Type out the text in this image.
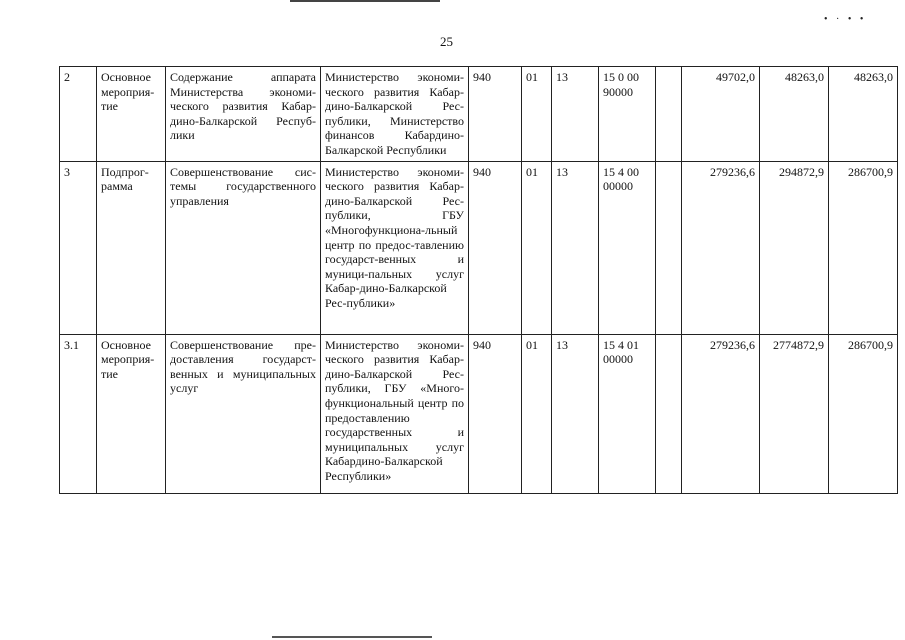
• · • •
25
2	Основное мероприя-тие	Содержание аппарата Министерства экономи-ческого развития Кабар-дино-Балкарской Респуб-лики	Министерство экономи-ческого развития Кабар-дино-Балкарской Рес-публики, Министерство финансов Кабардино-Балкарской Республики	940	01	13	15 0 00 90000		49702,0	48263,0	48263,0
3	Подпрог-рамма	Совершенствование сис-темы государственного управления	Министерство экономи-ческого развития Кабар-дино-Балкарской Рес-публики, ГБУ «Многофункциона-льный центр по предос-тавлению государст-венных и муници-пальных услуг Кабар-дино-Балкарской Рес-публики»	940	01	13	15 4 00 00000		279236,6	294872,9	286700,9
3.1	Основное мероприя-тие	Совершенствование пре-доставления государст-венных и муниципальных услуг	Министерство экономи-ческого развития Кабар-дино-Балкарской Рес-публики, ГБУ «Много-функциональный центр по предоставлению государственных и муниципальных услуг Кабардино-Балкарской Республики»	940	01	13	15 4 01 00000		279236,6	2774872,9	286700,9
